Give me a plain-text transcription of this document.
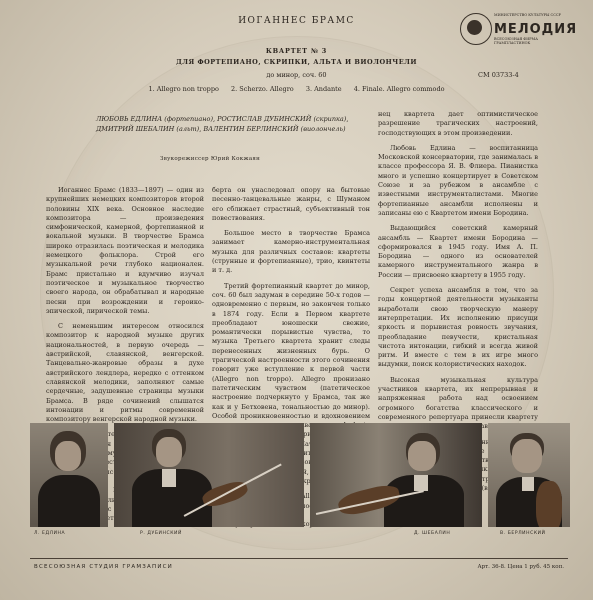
ИОГАННЕС БРАМС
КВАРТЕТ № 3
ДЛЯ ФОРТЕПИАНО, СКРИПКИ, АЛЬТА И ВИОЛОНЧЕЛИ
до минор, соч. 60
1. Allegro non troppo 2. Scherzo. Allegro 3. Andante 4. Finale. Allegro commodo
ЛЮБОВЬ ЕДЛИНА (фортепиано), РОСТИСЛАВ ДУБИНСКИЙ (скрипка),
ДМИТРИЙ ШЕБАЛИН (альт), ВАЛЕНТИН БЕРЛИНСКИЙ (виолончель)
Звукорежиссер Юрий Кокжаян
МИНИСТЕРСТВО КУЛЬТУРЫ СССР
МЕЛОДИЯ
ВСЕСОЮЗНАЯ ФИРМА ГРАМПЛАСТИНОК
СМ 03733-4

Иоганнес Брамс (1833—1897) — один из крупнейших немецких композиторов второй половины XIX века. Основное наследие композитора — произведения симфонической, камерной, фортепианной и вокальной музыки. В творчестве Брамса широко отразилась поэтическая и мелодика немецкого фольклора. Строй его музыкальной речи глубоко национален. Брамс пристально и вдумчиво изучал поэтическое и музыкальное творчество своего народа, он обрабатывал и народные песни при возрождении и героико-эпической, лирической темы.

С неменьшим интересом относился композитор к народной музыке других национальностей, в первую очередь — австрийской, славянской, венгерской. Танцевально-жанровые образы в духе австрийского лендлера, нередко с оттенком славянской мелодики, заполняют самые сердечные, задушевные страницы музыки Брамса. В ряде сочинений слышатся интонации и ритмы современной композитору венгерской народной музыки.

характерной с

берта он унаследовал опору на бытовые песенно-танцевальные жанры, с Шуманом его сближает страстный, субъективный тон повествования.

Большое место в творчестве Брамса занимает камерно-инструментальная музыка для различных составов: квартеты (струнные и фортепианные), трио, квинтеты и т. д.

Третий фортепианный квартет до минор, соч. 60 был задуман в середине 50-х годов — одновременно с первым, но закончен только в 1874 году. Если в Первом квартете преобладают юношески свежие, романтически порывистые чувства, то музыка Третьего квартета хранит следы перенесенных жизненных бурь. О трагической настроенности этого сочинения говорит уже вступление к первой части (Allegro non troppo). Allegro пронизано патетическим чувством (патетическое настроение подчеркнуто у Брамса, так же как и у Бетховена, тональностью до минор). Особой проникновенностью и вдохновением

нец квартета дает оптимистическое разрешение трагических настроений, господствующих в этом произведении.

Любовь Едлина — воспитанница Московской консерватории, где занималась в классе профессора Я. В. Флиера. Пианистка много и успешно концертирует в Советском Союзе и за рубежом в ансамбле с известными инструменталистами. Многие фортепианные ансамбли исполнены и записаны ею с Квартетом имени Бородина.

Выдающийся советский камерный ансамбль — Квартет имени Бородина — сформировался в 1945 году. Имя А. П. Бородина — одного из основателей камерного инструментального жанра в России — присвоено квартету в 1955 году.

Секрет успеха ансамбля в том, что за годы концертной деятельности музыканты выработали свою творческую манеру интерпретации. Их исполнению присущи яркость и порывистая ровность звучания, преобладание певучести, кристальная чистота интонации, гибкий и всегда живой ритм. И вместе с тем в их игре много выдумки, поиск колористических находок.

Высокая музыкальная культура участников квартета, их непрерывная и напряженная работа над освоением огромного богатства классического и современного репертуара принесли квартету славу.

Дмитрий

Л. ЕДЛИНА	Р. ДУБИНСКИЙ	Д. ШЕБАЛИН	В. БЕРЛИНСКИЙ
ВСЕСОЮЗНАЯ СТУДИЯ ГРАМЗАПИСИ	Арт. 36-8. Цена 1 руб. 45 коп.
